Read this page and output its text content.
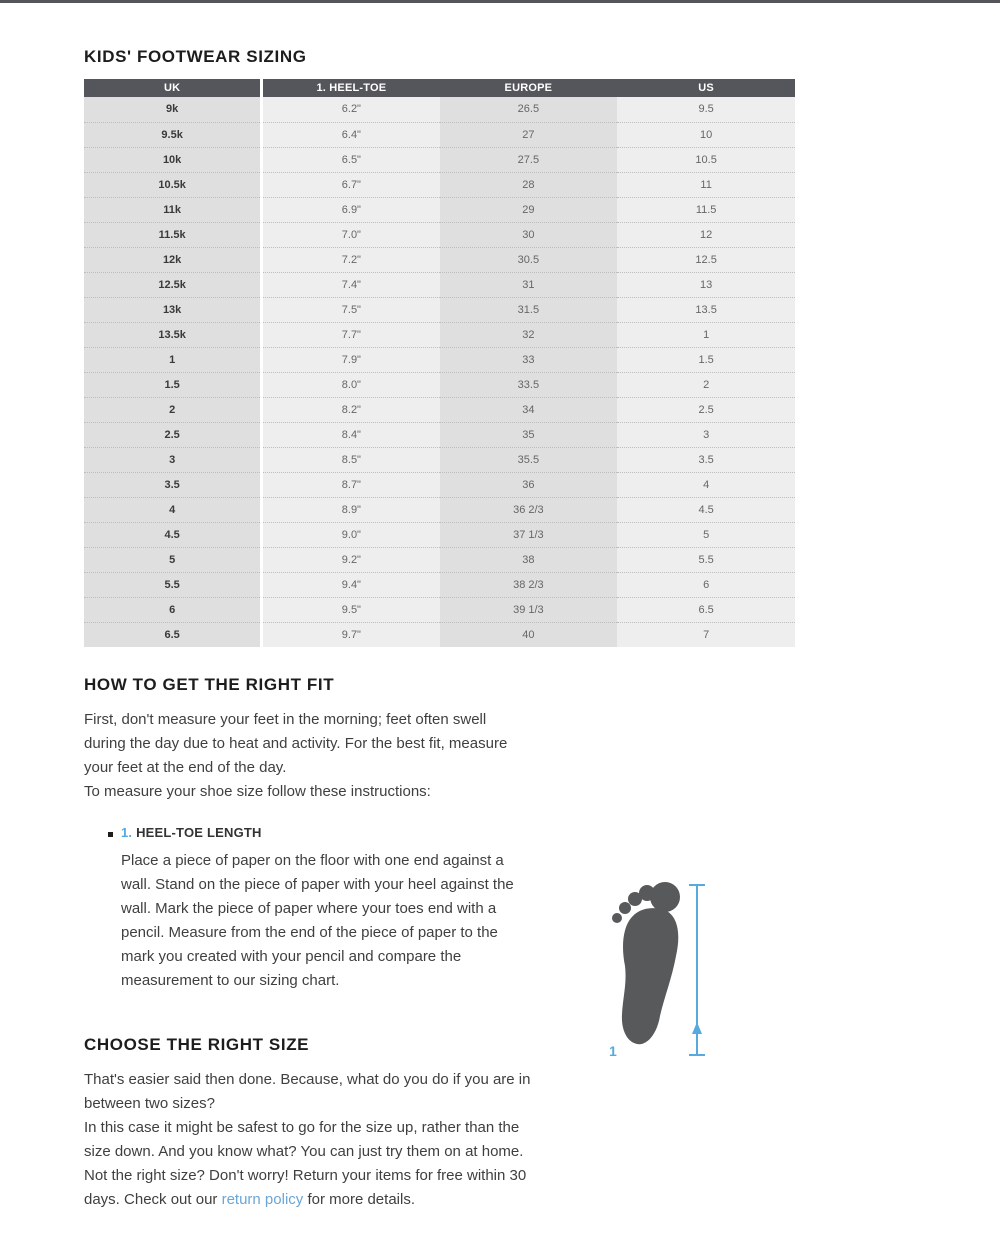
KIDS' FOOTWEAR SIZING
UK	1. HEEL-TOE	EUROPE	US
9k	6.2"	26.5	9.5
9.5k	6.4"	27	10
10k	6.5"	27.5	10.5
10.5k	6.7"	28	11
11k	6.9"	29	11.5
11.5k	7.0"	30	12
12k	7.2"	30.5	12.5
12.5k	7.4"	31	13
13k	7.5"	31.5	13.5
13.5k	7.7"	32	1
1	7.9"	33	1.5
1.5	8.0"	33.5	2
2	8.2"	34	2.5
2.5	8.4"	35	3
3	8.5"	35.5	3.5
3.5	8.7"	36	4
4	8.9"	36 2/3	4.5
4.5	9.0"	37 1/3	5
5	9.2"	38	5.5
5.5	9.4"	38 2/3	6
6	9.5"	39 1/3	6.5
6.5	9.7"	40	7
HOW TO GET THE RIGHT FIT

First, don't measure your feet in the morning; feet often swell during the day due to heat and activity. For the best fit, measure your feet at the end of the day.

To measure your shoe size follow these instructions:

1. HEEL-TOE LENGTH

Place a piece of paper on the floor with one end against a wall. Stand on the piece of paper with your heel against the wall. Mark the piece of paper where your toes end with a pencil. Measure from the end of the piece of paper to the mark you created with your pencil and compare the measurement to our sizing chart.

CHOOSE THE RIGHT SIZE

That's easier said then done. Because, what do you do if you are in between two sizes?

In this case it might be safest to go for the size up, rather than the size down. And you know what? You can just try them on at home.

Not the right size? Don't worry! Return your items for free within 30 days. Check out our return policy for more details.

1
